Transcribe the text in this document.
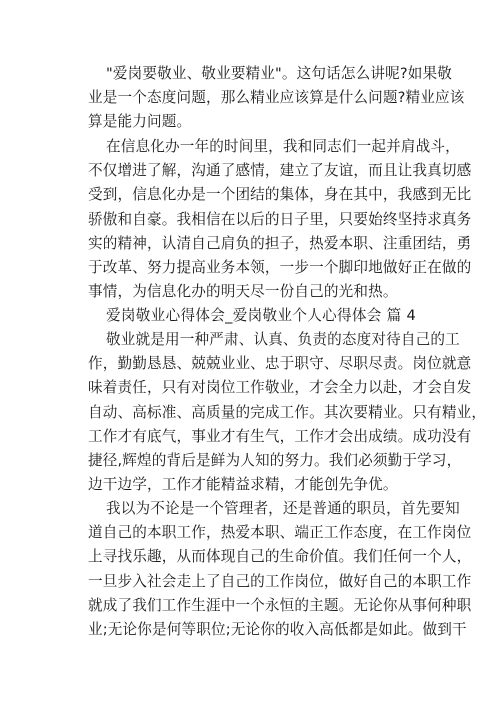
"爱岗要敬业、敬业要精业"。这句话怎么讲呢?如果敬
业是一个态度问题，那么精业应该算是什么问题?精业应该
算是能力问题。
在信息化办一年的时间里，我和同志们一起并肩战斗，
不仅增进了解，沟通了感情，建立了友谊，而且让我真切感
受到，信息化办是一个团结的集体，身在其中，我感到无比
骄傲和自豪。我相信在以后的日子里，只要始终坚持求真务
实的精神，认清自己肩负的担子，热爱本职、注重团结，勇
于改革、努力提高业务本领，一步一个脚印地做好正在做的
事情，为信息化办的明天尽一份自己的光和热。
爱岗敬业心得体会_爱岗敬业个人心得体会 篇 4
敬业就是用一种严肃、认真、负责的态度对待自己的工
作，勤勤恳恳、兢兢业业、忠于职守、尽职尽责。岗位就意
味着责任，只有对岗位工作敬业，才会全力以赴，才会自发
自动、高标准、高质量的完成工作。其次要精业。只有精业，
工作才有底气，事业才有生气，工作才会出成绩。成功没有
捷径,辉煌的背后是鲜为人知的努力。我们必须勤于学习，
边干边学，工作才能精益求精，才能创先争优。
我以为不论是一个管理者，还是普通的职员，首先要知
道自己的本职工作，热爱本职、端正工作态度，在工作岗位
上寻找乐趣，从而体现自己的生命价值。我们任何一个人，
一旦步入社会走上了自己的工作岗位，做好自己的本职工作
就成了我们工作生涯中一个永恒的主题。无论你从事何种职
业;无论你是何等职位;无论你的收入高低都是如此。做到干
